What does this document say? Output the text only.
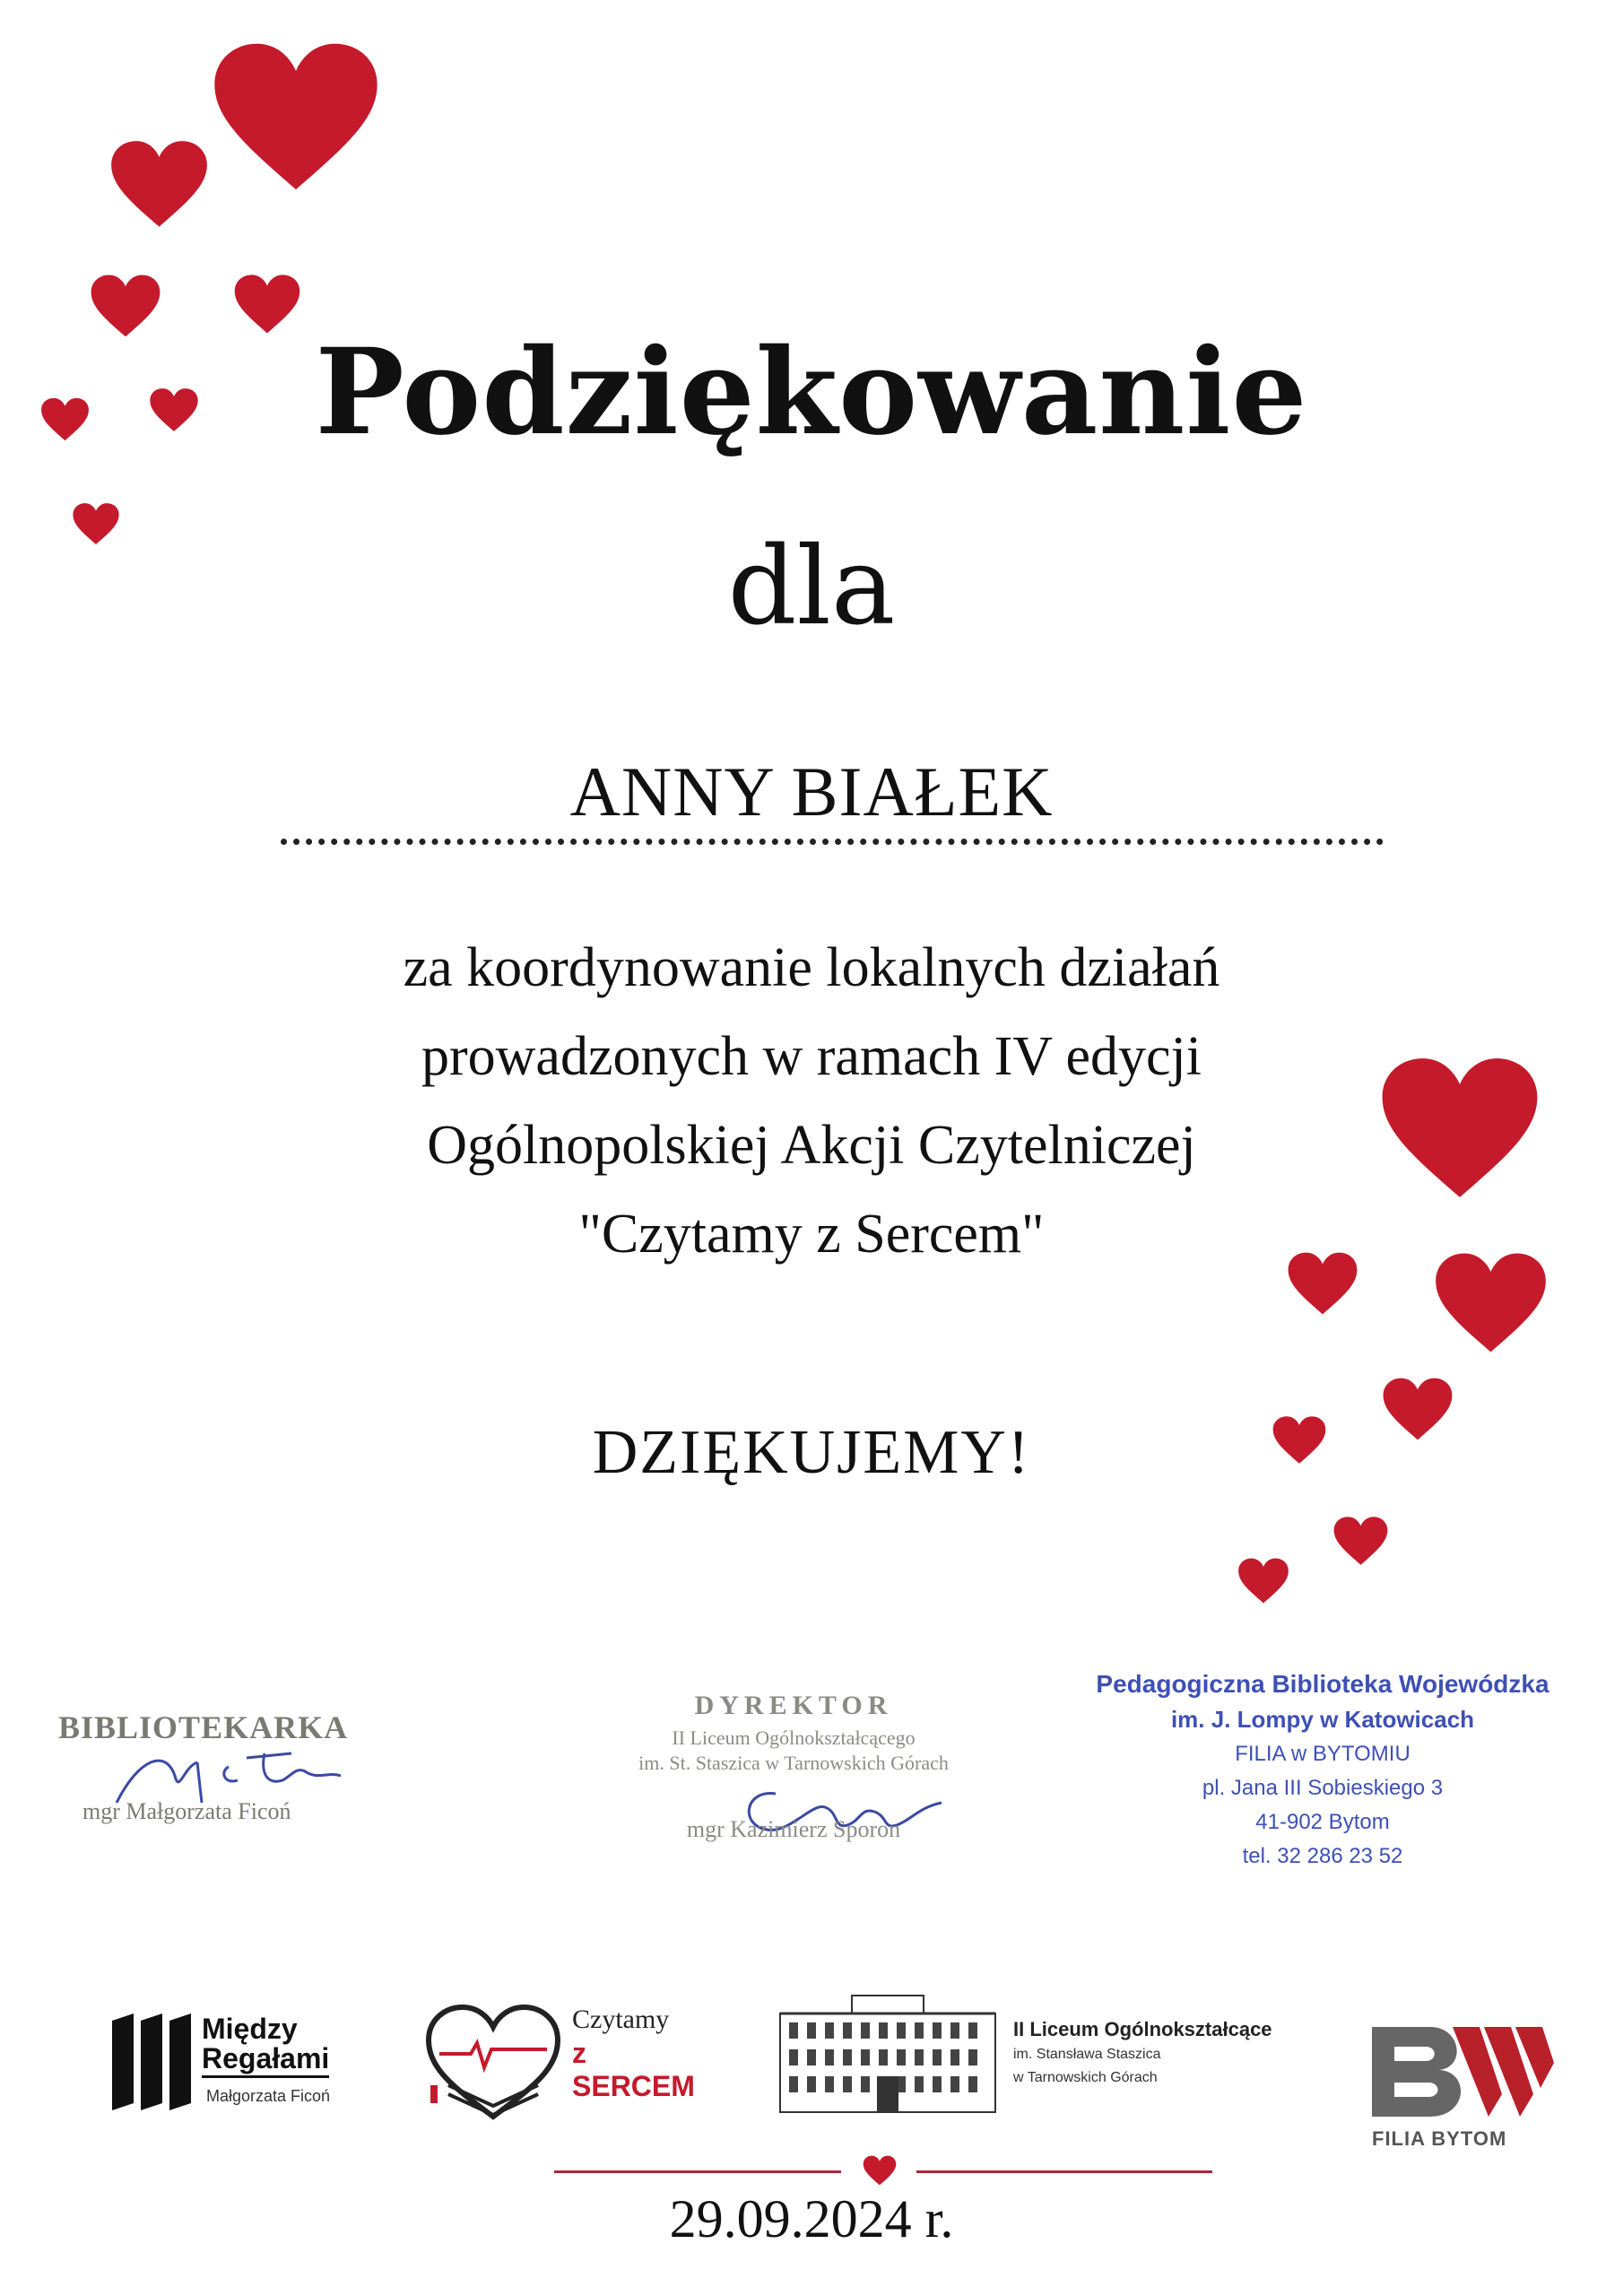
Podziękowanie
dla
ANNY BIAŁEK
za koordynowanie lokalnych działań
prowadzonych w ramach IV edycji
Ogólnopolskiej Akcji Czytelniczej
"Czytamy z Sercem"
DZIĘKUJEMY!
BIBLIOTEKARKA
mgr Małgorzata Ficoń
DYREKTOR
II Liceum Ogólnokształcącego
im. St. Staszica w Tarnowskich Górach
mgr Kazimierz Sporon
Pedagogiczna Biblioteka Wojewódzka
im. J. Lompy w Katowicach
FILIA w BYTOMIU
pl. Jana III Sobieskiego 3
41-902 Bytom
tel. 32 286 23 52
Między
Regałami
Małgorzata Ficoń
Czytamy
z SERCEM
II Liceum Ogólnokształcące
im. Stansława Staszica
w Tarnowskich Górach
FILIA BYTOM
29.09.2024 r.
